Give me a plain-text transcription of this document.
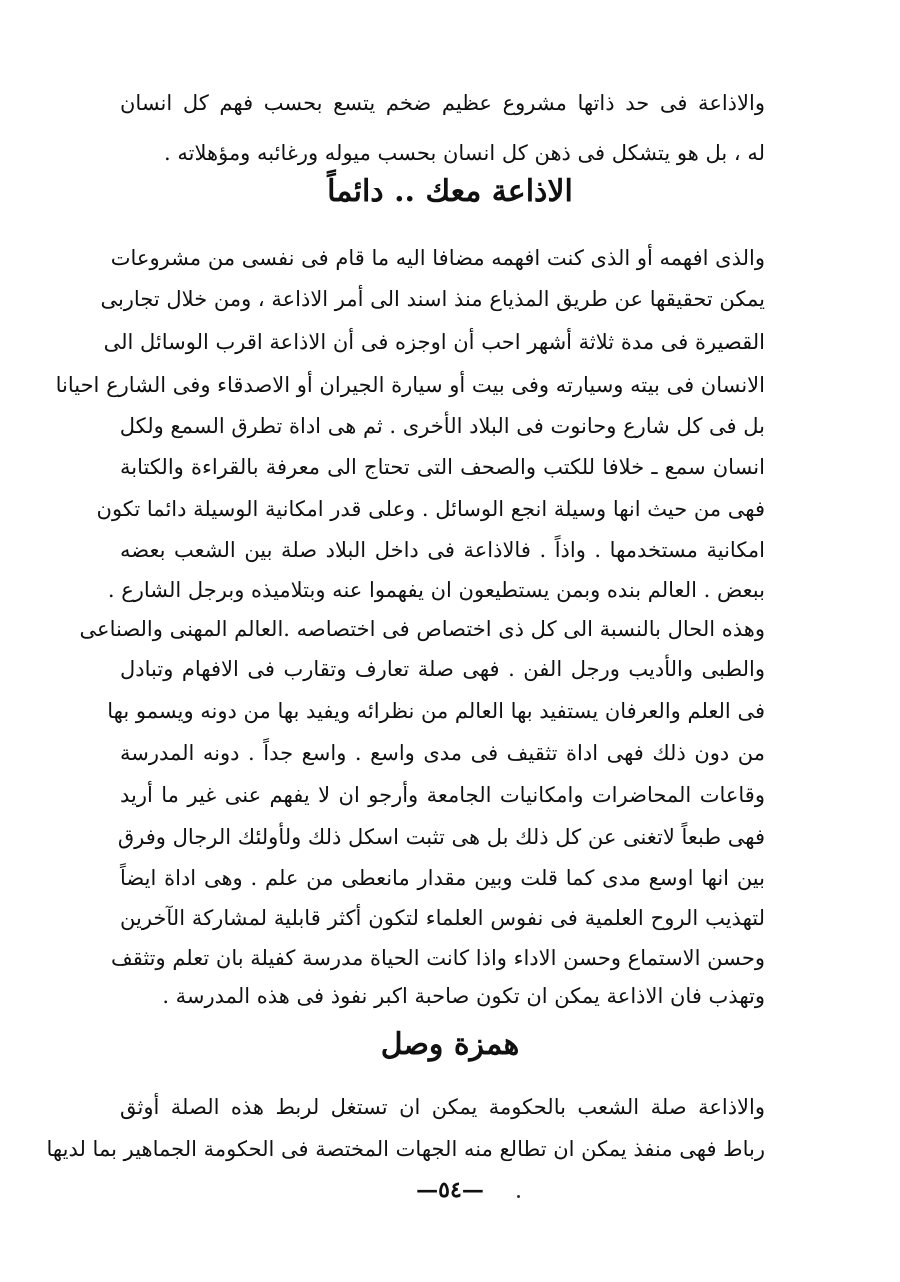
والاذاعة فى حد ذاتها مشروع عظيم ضخم يتسع بحسب فهم كل انسان
له ، بل هو يتشكل فى ذهن كل انسان بحسب ميوله ورغائبه ومؤهلاته .
الاذاعة معك .. دائماً
والذى افهمه أو الذى كنت افهمه مضافا اليه ما قام فى نفسى من مشروعات
يمكن تحقيقها عن طريق المذياع منذ اسند الى أمر الاذاعة ، ومن خلال تجاربى
القصيرة فى مدة ثلاثة أشهر احب أن اوجزه فى أن الاذاعة اقرب الوسائل الى
الانسان فى بيته وسيارته وفى بيت أو سيارة الجيران أو الاصدقاء وفى الشارع احيانا
بل فى كل شارع وحانوت فى البلاد الأخرى . ثم هى اداة تطرق السمع ولكل
انسان سمع ـ خلافا للكتب والصحف التى تحتاج الى معرفة بالقراءة والكتابة
فهى من حيث انها وسيلة انجع الوسائل . وعلى قدر امكانية الوسيلة دائما تكون
امكانية مستخدمها . واذاً . فالاذاعة فى داخل البلاد صلة بين الشعب بعضه
ببعض . العالم بنده وبمن يستطيعون ان يفهموا عنه وبتلاميذه وبرجل الشارع .
وهذه الحال بالنسبة الى كل ذى اختصاص فى اختصاصه .العالم المهنى والصناعى
والطبى والأديب ورجل الفن . فهى صلة تعارف وتقارب فى الافهام وتبادل
فى العلم والعرفان يستفيد بها العالم من نظرائه ويفيد بها من دونه ويسمو بها
من دون ذلك فهى اداة تثقيف فى مدى واسع . واسع جداً . دونه المدرسة
وقاعات المحاضرات وامكانيات الجامعة وأرجو ان لا يفهم عنى غير ما أريد
فهى طبعاً لاتغنى عن كل ذلك بل هى تثبت اسكل ذلك ولأولئك الرجال وفرق
بين انها اوسع مدى كما قلت وبين مقدار مانعطى من علم . وهى اداة ايضاً
لتهذيب الروح العلمية فى نفوس العلماء لتكون أكثر قابلية لمشاركة الآخرين
وحسن الاستماع وحسن الاداء واذا كانت الحياة مدرسة كفيلة بان تعلم وتثقف
وتهذب فان الاذاعة يمكن ان تكون صاحبة اكبر نفوذ فى هذه المدرسة .
همزة وصل
والاذاعة صلة الشعب بالحكومة يمكن ان تستغل لربط هذه الصلة أوثق
رباط فهى منفذ يمكن ان تطالع منه الجهات المختصة فى الحكومة الجماهير بما لديها
—٥٤—
